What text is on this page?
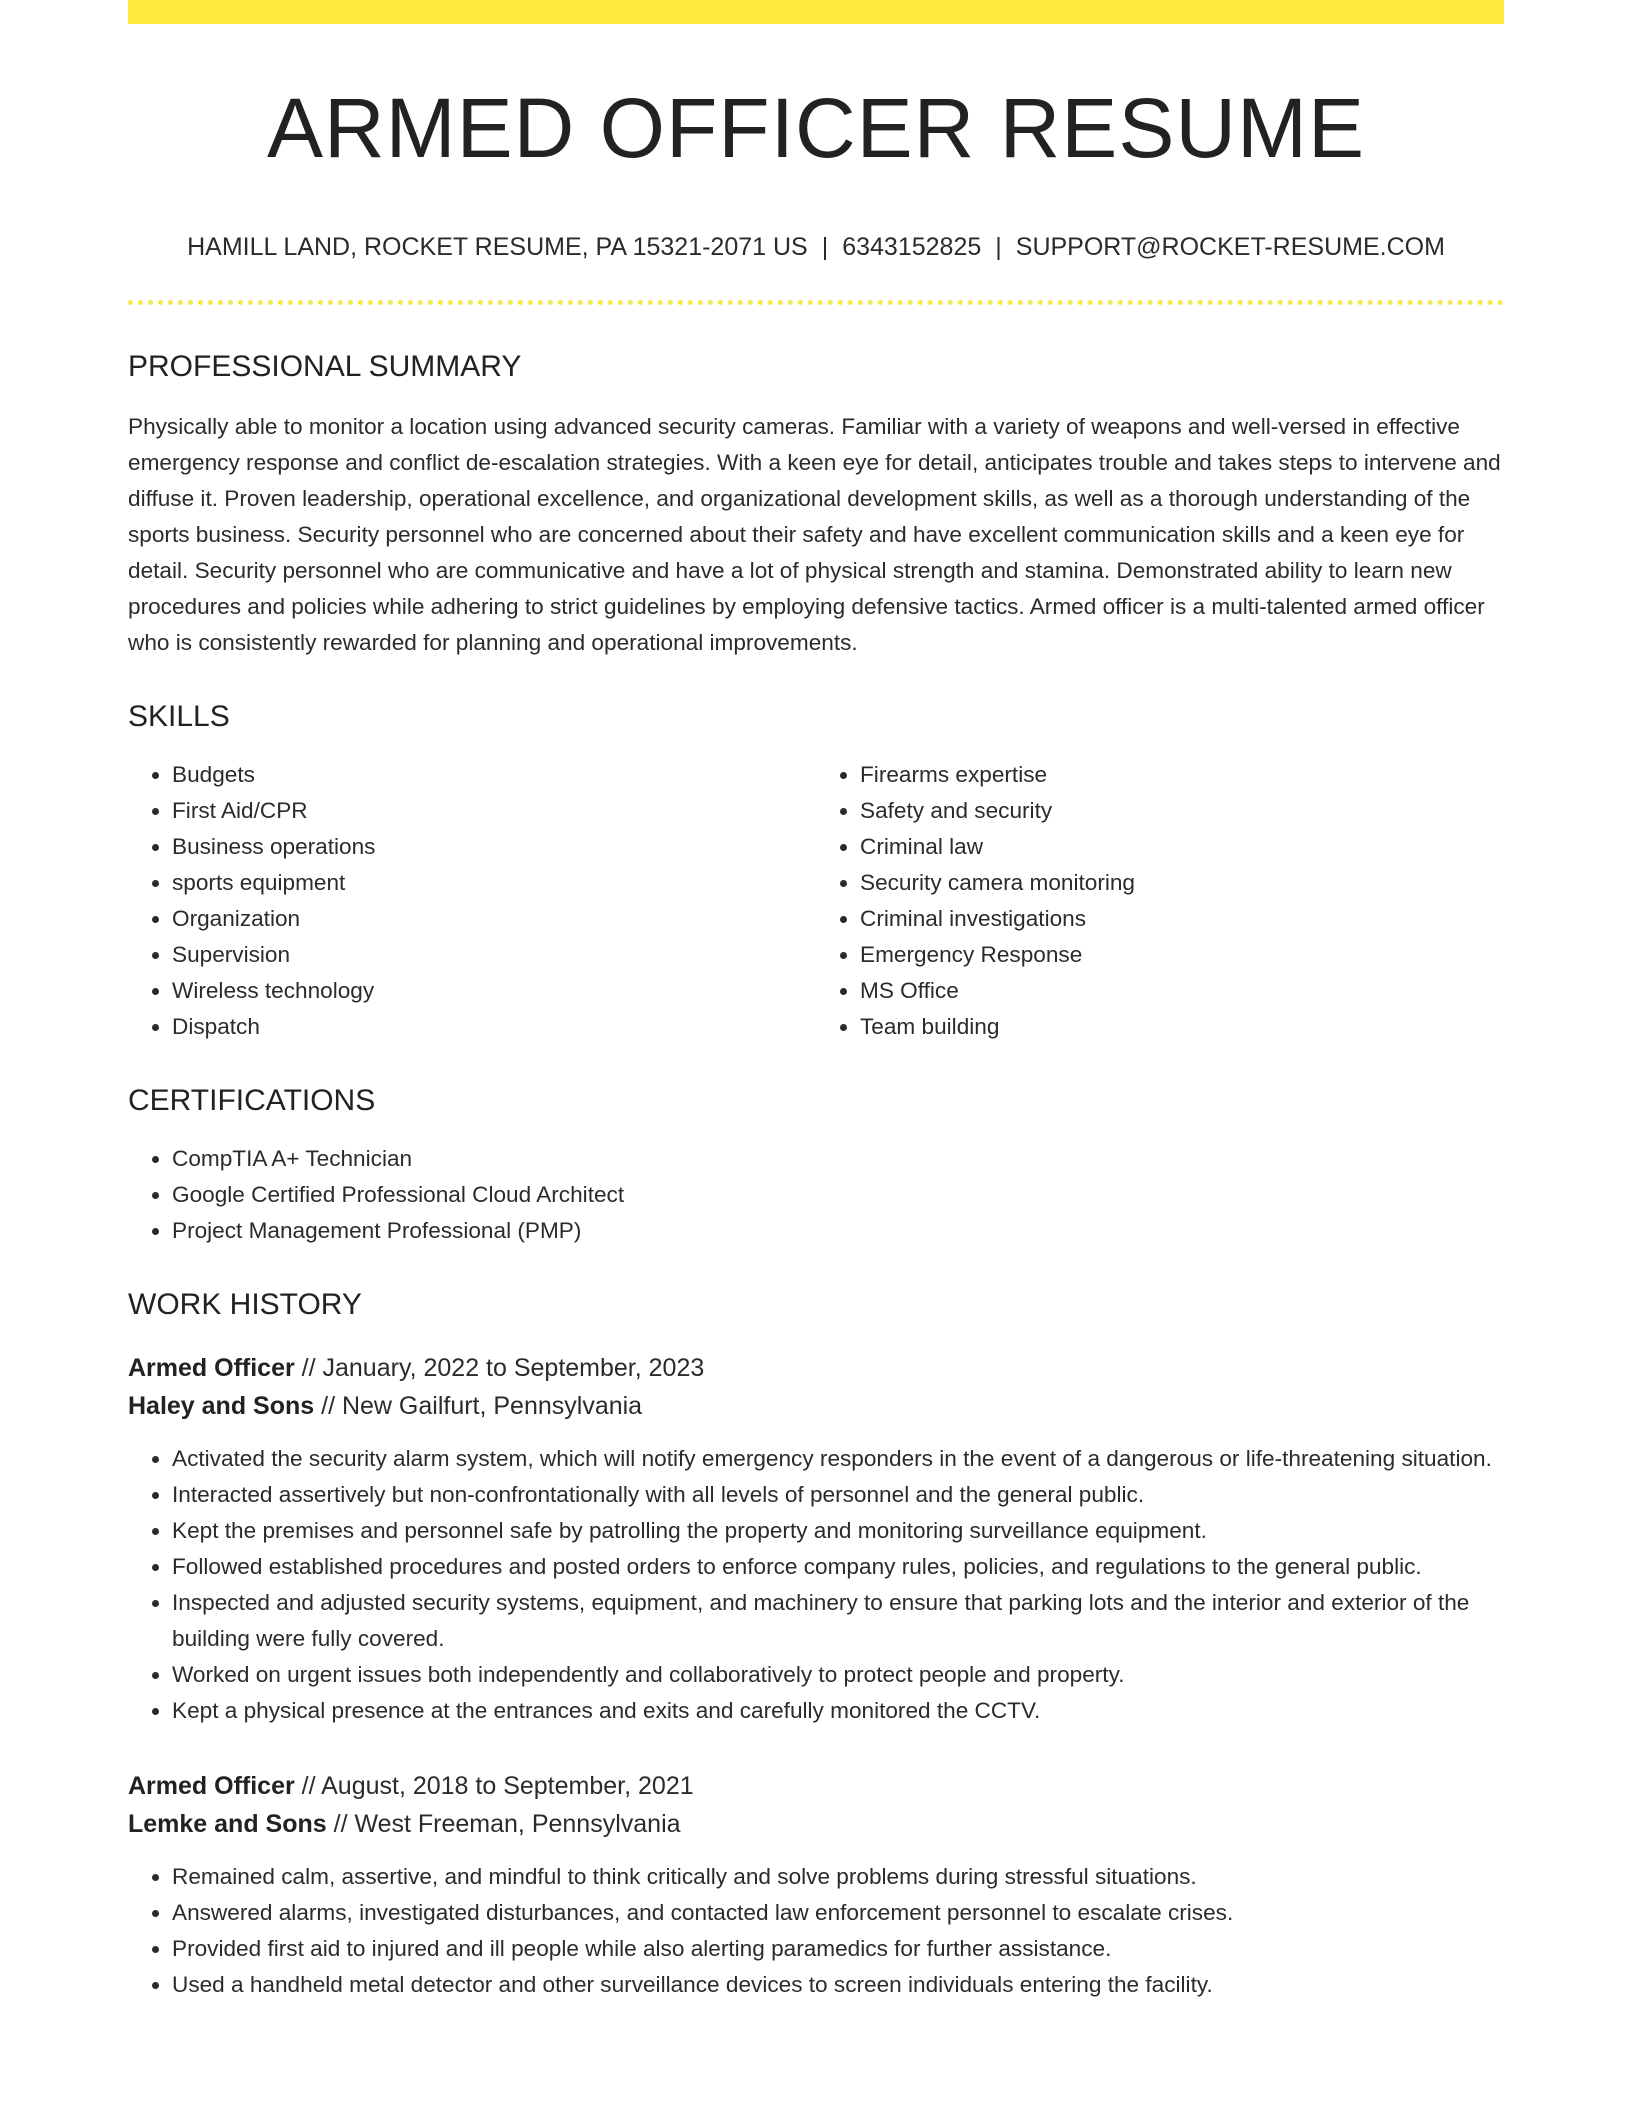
ARMED OFFICER RESUME
HAMILL LAND, ROCKET RESUME, PA 15321-2071 US | 6343152825 | SUPPORT@ROCKET-RESUME.COM
PROFESSIONAL SUMMARY
Physically able to monitor a location using advanced security cameras. Familiar with a variety of weapons and well-versed in effective emergency response and conflict de-escalation strategies. With a keen eye for detail, anticipates trouble and takes steps to intervene and diffuse it. Proven leadership, operational excellence, and organizational development skills, as well as a thorough understanding of the sports business. Security personnel who are concerned about their safety and have excellent communication skills and a keen eye for detail. Security personnel who are communicative and have a lot of physical strength and stamina. Demonstrated ability to learn new procedures and policies while adhering to strict guidelines by employing defensive tactics. Armed officer is a multi-talented armed officer who is consistently rewarded for planning and operational improvements.
SKILLS
• Budgets
• First Aid/CPR
• Business operations
• sports equipment
• Organization
• Supervision
• Wireless technology
• Dispatch
• Firearms expertise
• Safety and security
• Criminal law
• Security camera monitoring
• Criminal investigations
• Emergency Response
• MS Office
• Team building
CERTIFICATIONS
• CompTIA A+ Technician
• Google Certified Professional Cloud Architect
• Project Management Professional (PMP)
WORK HISTORY
Armed Officer // January, 2022 to September, 2023
Haley and Sons // New Gailfurt, Pennsylvania
• Activated the security alarm system, which will notify emergency responders in the event of a dangerous or life-threatening situation.
• Interacted assertively but non-confrontationally with all levels of personnel and the general public.
• Kept the premises and personnel safe by patrolling the property and monitoring surveillance equipment.
• Followed established procedures and posted orders to enforce company rules, policies, and regulations to the general public.
• Inspected and adjusted security systems, equipment, and machinery to ensure that parking lots and the interior and exterior of the building were fully covered.
• Worked on urgent issues both independently and collaboratively to protect people and property.
• Kept a physical presence at the entrances and exits and carefully monitored the CCTV.
Armed Officer // August, 2018 to September, 2021
Lemke and Sons // West Freeman, Pennsylvania
• Remained calm, assertive, and mindful to think critically and solve problems during stressful situations.
• Answered alarms, investigated disturbances, and contacted law enforcement personnel to escalate crises.
• Provided first aid to injured and ill people while also alerting paramedics for further assistance.
• Used a handheld metal detector and other surveillance devices to screen individuals entering the facility.
